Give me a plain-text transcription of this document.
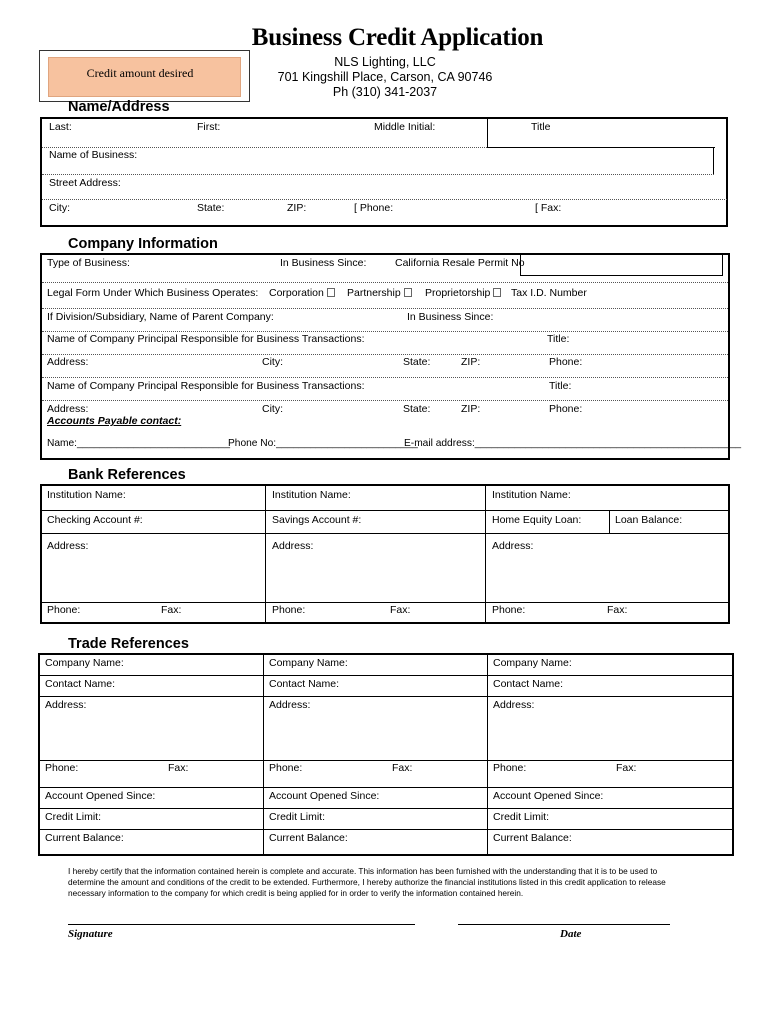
Business Credit Application
NLS Lighting, LLC
701 Kingshill Place, Carson, CA 90746
Ph (310) 341-2037
Credit amount desired
Name/Address
Last:	First:	Middle Initial:	Title
Name of Business:
Street Address:
City:	State:	ZIP:	[ Phone:	[ Fax:
Company Information
Type of Business:	In Business Since:	California Resale Permit No
Legal Form Under Which Business Operates: Corporation	Partnership	Proprietorship	Tax I.D. Number
If Division/Subsidiary, Name of Parent Company:	In Business Since:
Name of Company Principal Responsible for Business Transactions:	Title:
Address:	City:	State:	ZIP:	Phone:
Name of Company Principal Responsible for Business Transactions:	Title:
Address:	City:	State:	ZIP:	Phone:
Accounts Payable contact:
Name:___________________________
Phone No:_________________________
E-mail address:_______________________________________________
Bank References
Institution Name:	Institution Name:	Institution Name:
Checking Account #:	Savings Account #:	Home Equity Loan:	Loan Balance:
Address:	Address:	Address:
Phone:	Fax:	Phone:	Fax:	Phone:	Fax:
Trade References
Company Name:	Company Name:	Company Name:
Contact Name:	Contact Name:	Contact Name:
Address:	Address:	Address:
Phone:	Fax:	Phone:	Fax:	Phone:	Fax:
Account Opened Since:	Account Opened Since:	Account Opened Since:
Credit Limit:	Credit Limit:	Credit Limit:
Current Balance:	Current Balance:	Current Balance:
I hereby certify that the information contained herein is complete and accurate. This information has been furnished with the understanding that it is to be used to determine the amount and conditions of the credit to be extended. Furthermore, I hereby authorize the financial institutions listed in this credit application to release necessary information to the company for which credit is being applied for in order to verify the information contained herein.
Signature	Date
